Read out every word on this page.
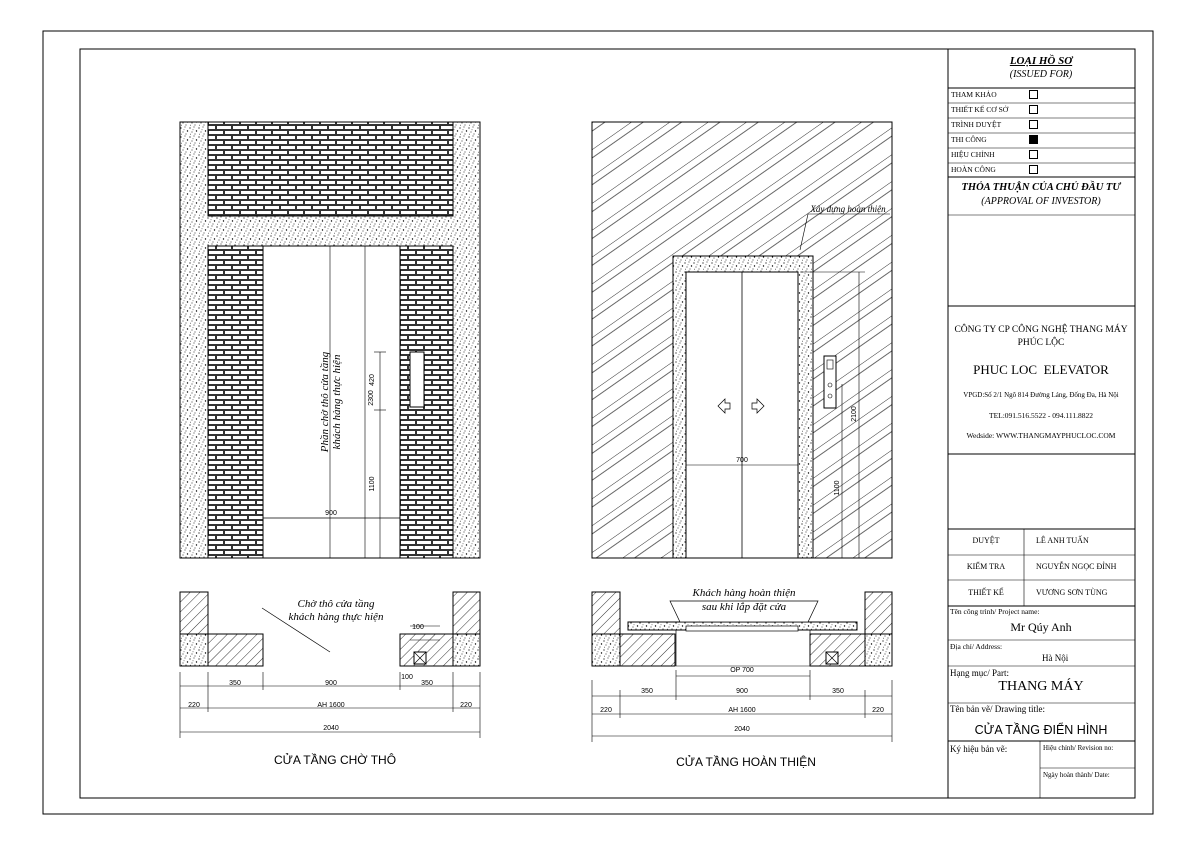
Phần chờ thô cửa tầng khách hàng thực hiện	2300
420
1100
900
Chờ thô cửa tầng
khách hàng thực hiện
100
100
350	900	350
220	AH 1600	220
2040
CỬA TẦNG CHỜ THÔ
Xây dựng hoàn thiện
700
2100
1100
Khách hàng hoàn thiện
sau khi lắp đặt cửa
OP 700
350	900	350
220	AH 1600	220
2040
CỬA TẦNG HOÀN THIỆN
LOẠI HỒ SƠ
(ISSUED FOR)
THAM KHẢO
THIẾT KẾ CƠ SỞ
TRÌNH DUYỆT
THI CÔNG
HIỆU CHỈNH
HOÀN CÔNG
THỎA THUẬN CỦA CHỦ ĐẦU TƯ
(APPROVAL OF INVESTOR)
CÔNG TY CP CÔNG NGHỆ THANG MÁY
PHÚC LỘC
PHUC LOC  ELEVATOR
VPGD:Số 2/1 Ngõ 814 Đường Láng, Đống Đa, Hà Nội
TEL:091.516.5522 - 094.111.8822
Wedside: WWW.THANGMAYPHUCLOC.COM
DUYỆT	LÊ ANH TUẤN
KIỂM TRA	NGUYỄN NGỌC ĐỈNH
THIẾT KẾ	VƯƠNG SƠN TÙNG
Tên công trình/ Project name:
Mr Qúy Anh
Địa chỉ/ Address:
Hà Nội
Hạng mục/ Part:
THANG MÁY
Tên bản vẽ/ Drawing title:
CỬA TẦNG ĐIỂN HÌNH
Ký hiệu bản vẽ:	Hiệu chỉnh/ Revision no:
Ngày hoàn thành/ Date:
